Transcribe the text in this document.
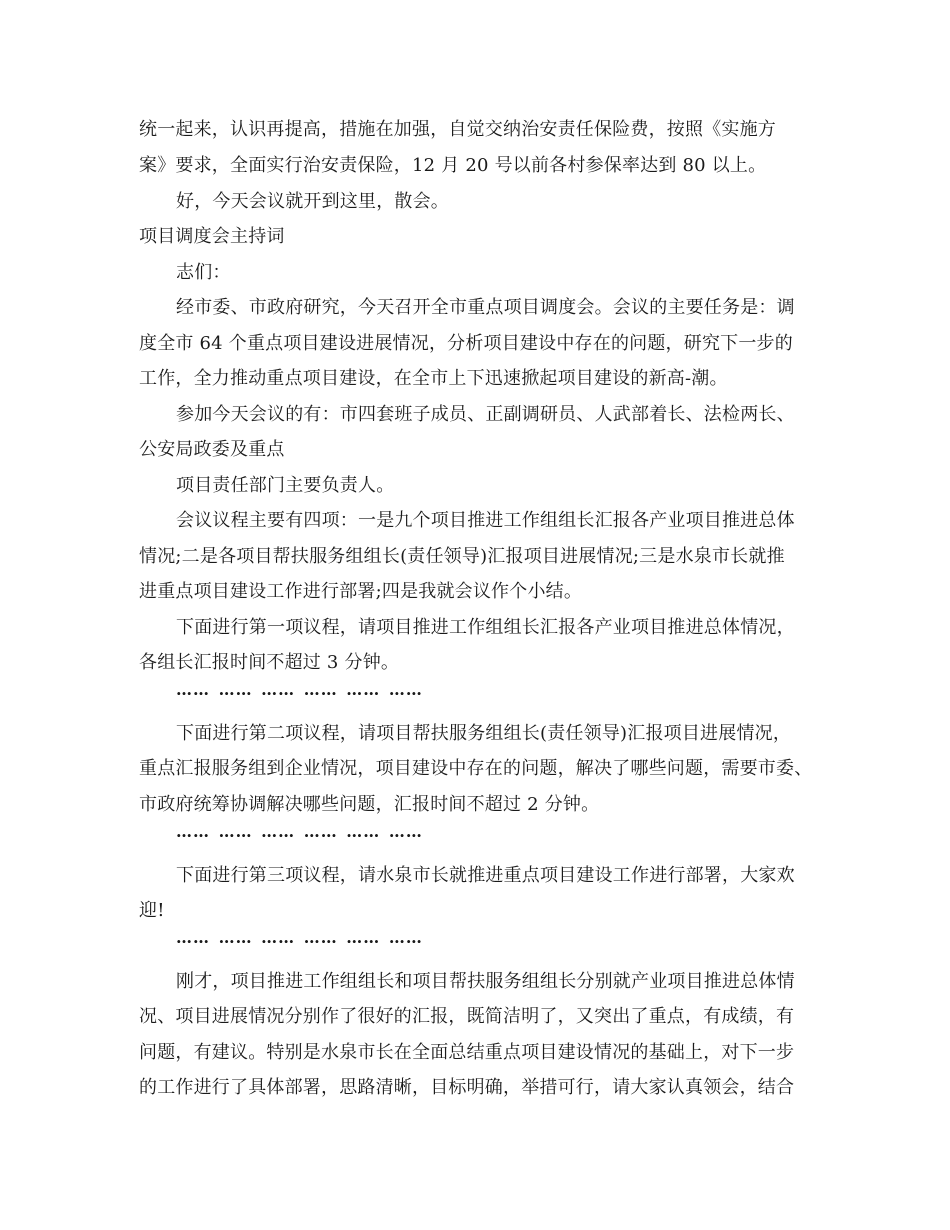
统一起来，认识再提高，措施在加强，自觉交纳治安责任保险费，按照《实施方
案》要求，全面实行治安责保险，12 月 20 号以前各村参保率达到 80 以上。
好，今天会议就开到这里，散会。
项目调度会主持词
志们：
经市委、市政府研究，今天召开全市重点项目调度会。会议的主要任务是：调
度全市 64 个重点项目建设进展情况，分析项目建设中存在的问题，研究下一步的
工作，全力推动重点项目建设，在全市上下迅速掀起项目建设的新高-潮。
参加今天会议的有：市四套班子成员、正副调研员、人武部着长、法检两长、
公安局政委及重点
项目责任部门主要负责人。
会议议程主要有四项：一是九个项目推进工作组组长汇报各产业项目推进总体
情况;二是各项目帮扶服务组组长(责任领导)汇报项目进展情况;三是水泉市长就推
进重点项目建设工作进行部署;四是我就会议作个小结。
下面进行第一项议程，请项目推进工作组组长汇报各产业项目推进总体情况，
各组长汇报时间不超过 3 分钟。
…… …… …… …… …… ……
下面进行第二项议程，请项目帮扶服务组组长(责任领导)汇报项目进展情况，
重点汇报服务组到企业情况，项目建设中存在的问题，解决了哪些问题，需要市委、
市政府统筹协调解决哪些问题，汇报时间不超过 2 分钟。
…… …… …… …… …… ……
下面进行第三项议程，请水泉市长就推进重点项目建设工作进行部署，大家欢
迎!
…… …… …… …… …… ……
刚才，项目推进工作组组长和项目帮扶服务组组长分别就产业项目推进总体情
况、项目进展情况分别作了很好的汇报，既简洁明了，又突出了重点，有成绩，有
问题，有建议。特别是水泉市长在全面总结重点项目建设情况的基础上，对下一步
的工作进行了具体部署，思路清晰，目标明确，举措可行，请大家认真领会，结合
